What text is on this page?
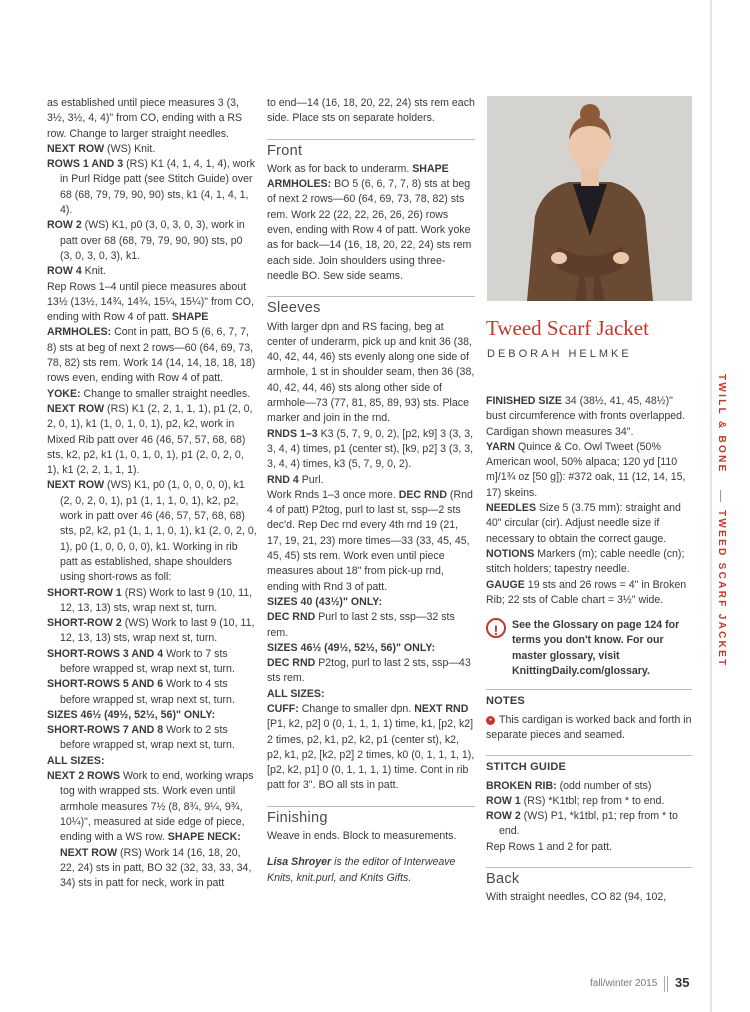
as established until piece measures 3 (3, 3½, 3½, 4, 4)" from CO, ending with a RS row. Change to larger straight needles.

NEXT ROW (WS) Knit.

ROWS 1 AND 3 (RS) K1 (4, 1, 4, 1, 4), work in Purl Ridge patt (see Stitch Guide) over 68 (68, 79, 79, 90, 90) sts, k1 (4, 1, 4, 1, 4).

ROW 2 (WS) K1, p0 (3, 0, 3, 0, 3), work in patt over 68 (68, 79, 79, 90, 90) sts, p0 (3, 0, 3, 0, 3), k1.

ROW 4 Knit.

Rep Rows 1–4 until piece measures about 13½ (13½, 14¾, 14¾, 15¼, 15¼)" from CO, ending with Row 4 of patt. SHAPE ARMHOLES: Cont in patt, BO 5 (6, 6, 7, 7, 8) sts at beg of next 2 rows—60 (64, 69, 73, 78, 82) sts rem. Work 14 (14, 14, 18, 18, 18) rows even, ending with Row 4 of patt. YOKE: Change to smaller straight needles. NEXT ROW (RS) K1 (2, 2, 1, 1, 1), p1 (2, 0, 2, 0, 1), k1 (1, 0, 1, 0, 1), p2, k2, work in Mixed Rib patt over 46 (46, 57, 57, 68, 68) sts, k2, p2, k1 (1, 0, 1, 0, 1), p1 (2, 0, 2, 0, 1), k1 (2, 2, 1, 1, 1).

NEXT ROW (WS) K1, p0 (1, 0, 0, 0, 0), k1 (2, 0, 2, 0, 1), p1 (1, 1, 1, 0, 1), k2, p2, work in patt over 46 (46, 57, 57, 68, 68) sts, p2, k2, p1 (1, 1, 1, 0, 1), k1 (2, 0, 2, 0, 1), p0 (1, 0, 0, 0, 0), k1. Working in rib patt as established, shape shoulders using short-rows as foll:

SHORT-ROW 1 (RS) Work to last 9 (10, 11, 12, 13, 13) sts, wrap next st, turn.

SHORT-ROW 2 (WS) Work to last 9 (10, 11, 12, 13, 13) sts, wrap next st, turn.

SHORT-ROWS 3 AND 4 Work to 7 sts before wrapped st, wrap next st, turn.

SHORT-ROWS 5 AND 6 Work to 4 sts before wrapped st, wrap next st, turn.

SIZES 46½ (49½, 52½, 56)" ONLY:

SHORT-ROWS 7 AND 8 Work to 2 sts before wrapped st, wrap next st, turn.

ALL SIZES:

NEXT 2 ROWS Work to end, working wraps tog with wrapped sts. Work even until armhole measures 7½ (8, 8¾, 9¼, 9¾, 10¼)", measured at side edge of piece, ending with a WS row. SHAPE NECK: NEXT ROW (RS) Work 14 (16, 18, 20, 22, 24) sts in patt, BO 32 (32, 33, 33, 34, 34) sts in patt for neck, work in patt

to end—14 (16, 18, 20, 22, 24) sts rem each side. Place sts on separate holders.

Front

Work as for back to underarm. SHAPE ARMHOLES: BO 5 (6, 6, 7, 7, 8) sts at beg of next 2 rows—60 (64, 69, 73, 78, 82) sts rem. Work 22 (22, 22, 26, 26, 26) rows even, ending with Row 4 of patt. Work yoke as for back—14 (16, 18, 20, 22, 24) sts rem each side. Join shoulders using three-needle BO. Sew side seams.

Sleeves

With larger dpn and RS facing, beg at center of underarm, pick up and knit 36 (38, 40, 42, 44, 46) sts evenly along one side of armhole, 1 st in shoulder seam, then 36 (38, 40, 42, 44, 46) sts along other side of armhole—73 (77, 81, 85, 89, 93) sts. Place marker and join in the rnd.

RNDS 1–3 K3 (5, 7, 9, 0, 2), [p2, k9] 3 (3, 3, 3, 4, 4) times, p1 (center st), [k9, p2] 3 (3, 3, 3, 4, 4) times, k3 (5, 7, 9, 0, 2).

RND 4 Purl.

Work Rnds 1–3 once more. DEC RND (Rnd 4 of patt) P2tog, purl to last st, ssp—2 sts dec'd. Rep Dec rnd every 4th rnd 19 (21, 17, 19, 21, 23) more times—33 (33, 45, 45, 45, 45) sts rem. Work even until piece measures about 18" from pick-up rnd, ending with Rnd 3 of patt.

SIZES 40 (43½)" ONLY:

DEC RND Purl to last 2 sts, ssp—32 sts rem.

SIZES 46½ (49½, 52½, 56)" ONLY:

DEC RND P2tog, purl to last 2 sts, ssp—43 sts rem.

ALL SIZES:

CUFF: Change to smaller dpn. NEXT RND [P1, k2, p2] 0 (0, 1, 1, 1, 1) time, k1, [p2, k2] 2 times, p2, k1, p2, k2, p1 (center st), k2, p2, k1, p2, [k2, p2] 2 times, k0 (0, 1, 1, 1, 1), [p2, k2, p1] 0 (0, 1, 1, 1, 1) time. Cont in rib patt for 3". BO all sts in patt.

Finishing

Weave in ends. Block to measurements.

Lisa Shroyer is the editor of Interweave Knits, knit.purl, and Knits Gifts.

Tweed Scarf Jacket
DEBORAH HELMKE

FINISHED SIZE 34 (38½, 41, 45, 48½)" bust circumference with fronts overlapped. Cardigan shown measures 34".

YARN Quince & Co. Owl Tweet (50% American wool, 50% alpaca; 120 yd [110 m]/1¾ oz [50 g]): #372 oak, 11 (12, 14, 15, 17) skeins.

NEEDLES Size 5 (3.75 mm): straight and 40" circular (cir). Adjust needle size if necessary to obtain the correct gauge.

NOTIONS Markers (m); cable needle (cn); stitch holders; tapestry needle.

GAUGE 19 sts and 26 rows = 4" in Broken Rib; 22 sts of Cable chart = 3½" wide.

!	See the Glossary on page 124 for terms you don't know. For our master glossary, visit KnittingDaily.com/glossary.
NOTES

• This cardigan is worked back and forth in separate pieces and seamed.

STITCH GUIDE

BROKEN RIB: (odd number of sts)

ROW 1 (RS) *K1tbl; rep from * to end.

ROW 2 (WS) P1, *k1tbl, p1; rep from * to end.

Rep Rows 1 and 2 for patt.

Back

With straight needles, CO 82 (94, 102,

TWILL & BONE
TWEED SCARF JACKET
fall/winter 2015 35
